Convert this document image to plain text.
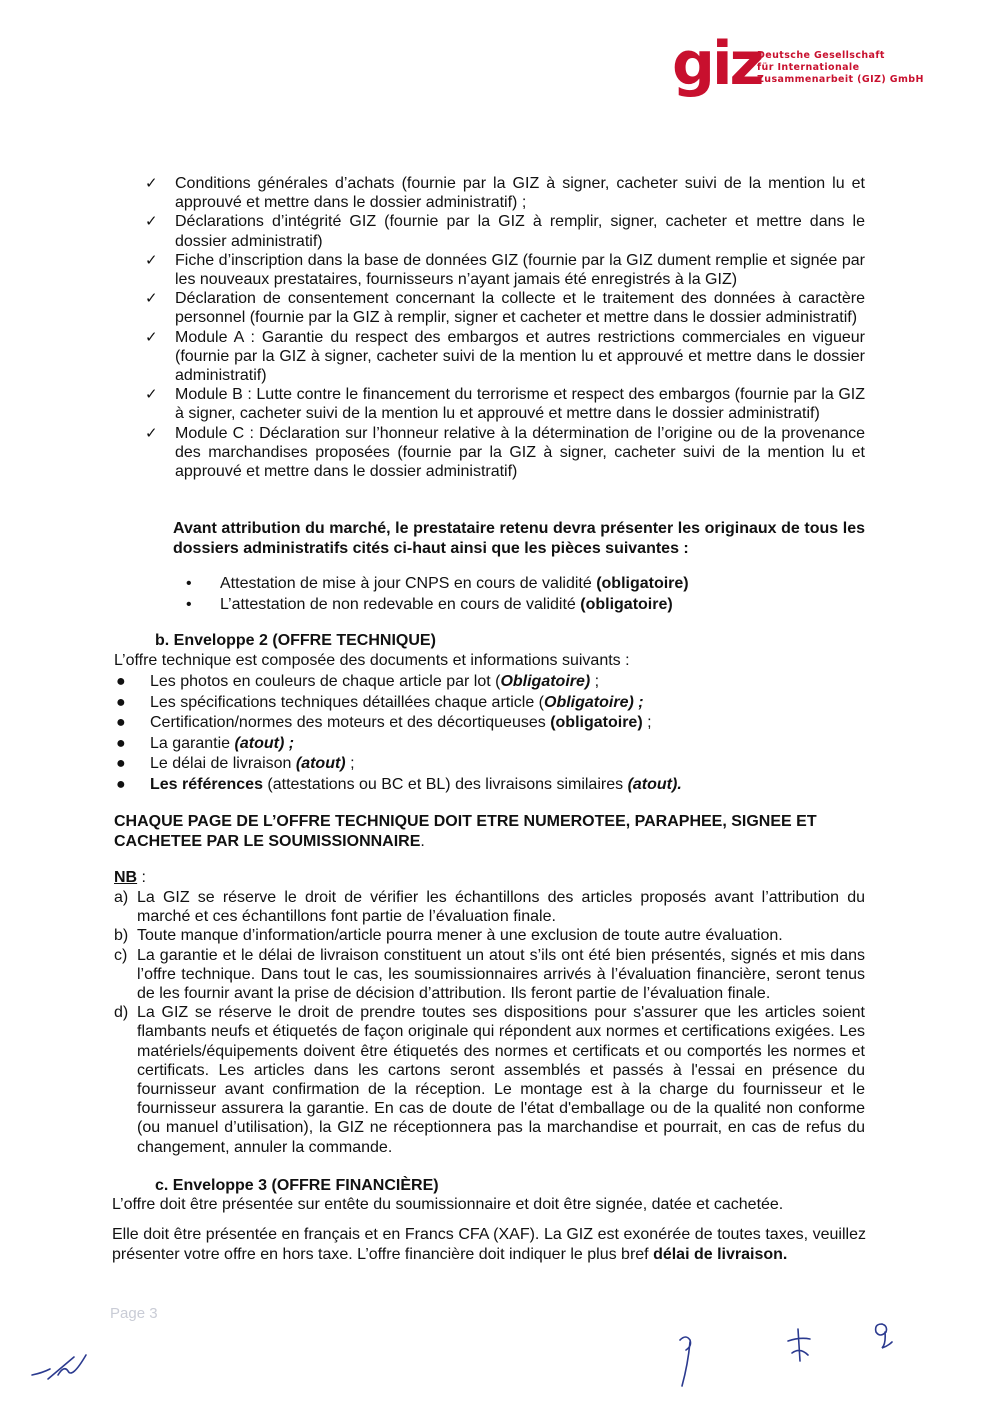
giz
Deutsche Gesellschaft
für Internationale
Zusammenarbeit (GIZ) GmbH
✓ Conditions générales d’achats (fournie par la GIZ à signer, cacheter suivi de la mention lu et approuvé et mettre dans le dossier administratif) ;
✓ Déclarations d’intégrité GIZ (fournie par la GIZ à remplir, signer, cacheter et mettre dans le dossier administratif)
✓ Fiche d’inscription dans la base de données GIZ (fournie par la GIZ dument remplie et signée par les nouveaux prestataires, fournisseurs n’ayant jamais été enregistrés à la GIZ)
✓ Déclaration de consentement concernant la collecte et le traitement des données à caractère personnel (fournie par la GIZ à remplir, signer et cacheter et mettre dans le dossier administratif)
✓ Module A : Garantie du respect des embargos et autres restrictions commerciales en vigueur (fournie par la GIZ à signer, cacheter suivi de la mention lu et approuvé et mettre dans le dossier administratif)
✓ Module B : Lutte contre le financement du terrorisme et respect des embargos (fournie par la GIZ à signer, cacheter suivi de la mention lu et approuvé et mettre dans le dossier administratif)
✓ Module C : Déclaration sur l’honneur relative à la détermination de l’origine ou de la provenance des marchandises proposées (fournie par la GIZ à signer, cacheter suivi de la mention lu et approuvé et mettre dans le dossier administratif)
Avant attribution du marché, le prestataire retenu devra présenter les originaux de tous les dossiers administratifs cités ci-haut ainsi que les pièces suivantes :
• Attestation de mise à jour CNPS en cours de validité (obligatoire)
• L’attestation de non redevable en cours de validité (obligatoire)
b. Enveloppe 2 (OFFRE TECHNIQUE)
L’offre technique est composée des documents et informations suivants :
● Les photos en couleurs de chaque article par lot (Obligatoire) ;
● Les spécifications techniques détaillées chaque article (Obligatoire) ;
● Certification/normes des moteurs et des décortiqueuses (obligatoire) ;
● La garantie (atout) ;
● Le délai de livraison (atout) ;
● Les références (attestations ou BC et BL) des livraisons similaires (atout).
CHAQUE PAGE DE L’OFFRE TECHNIQUE DOIT ETRE NUMEROTEE, PARAPHEE, SIGNEE ET CACHETEE PAR LE SOUMISSIONNAIRE.
NB :
a) La GIZ se réserve le droit de vérifier les échantillons des articles proposés avant l’attribution du marché et ces échantillons font partie de l’évaluation finale.
b) Toute manque d’information/article pourra mener à une exclusion de toute autre évaluation.
c) La garantie et le délai de livraison constituent un atout s’ils ont été bien présentés, signés et mis dans l’offre technique. Dans tout le cas, les soumissionnaires arrivés à l’évaluation financière, seront tenus de les fournir avant la prise de décision d’attribution. Ils feront partie de l’évaluation finale.
d) La GIZ se réserve le droit de prendre toutes ses dispositions pour s'assurer que les articles soient flambants neufs et étiquetés de façon originale qui répondent aux normes et certifications exigées. Les matériels/équipements doivent être étiquetés des normes et certificats et ou comportés les normes et certificats. Les articles dans les cartons seront assemblés et passés à l'essai en présence du fournisseur avant confirmation de la réception. Le montage est à la charge du fournisseur et le fournisseur assurera la garantie. En cas de doute de l'état d'emballage ou de la qualité non conforme (ou manuel d’utilisation), la GIZ ne réceptionnera pas la marchandise et pourrait, en cas de refus du changement, annuler la commande.
c. Enveloppe 3 (OFFRE FINANCIÈRE)
L’offre doit être présentée sur entête du soumissionnaire et doit être signée, datée et cachetée.
Elle doit être présentée en français et en Francs CFA (XAF). La GIZ est exonérée de toutes taxes, veuillez présenter votre offre en hors taxe. L’offre financière doit indiquer le plus bref délai de livraison.
Page 3
